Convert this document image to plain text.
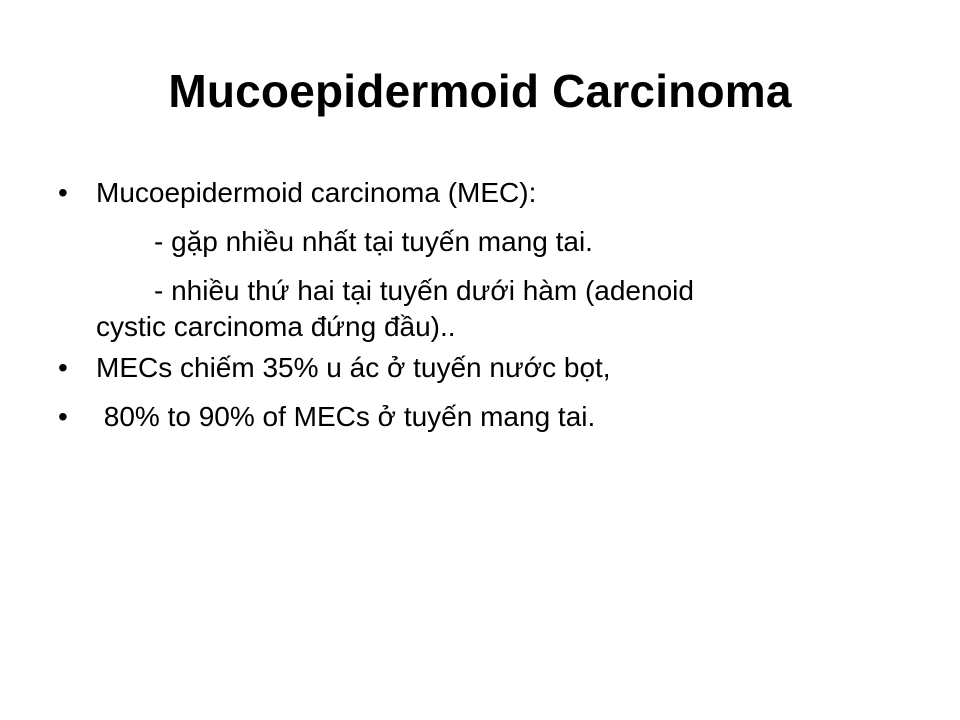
Mucoepidermoid Carcinoma
•	Mucoepidermoid carcinoma (MEC):
- gặp nhiều nhất tại tuyến mang tai.
- nhiều thứ hai tại tuyến dưới hàm (adenoid
cystic carcinoma đứng đầu)..
•	MECs chiếm 35% u ác ở tuyến nước bọt,
•	80% to 90% of MECs ở tuyến mang tai.
